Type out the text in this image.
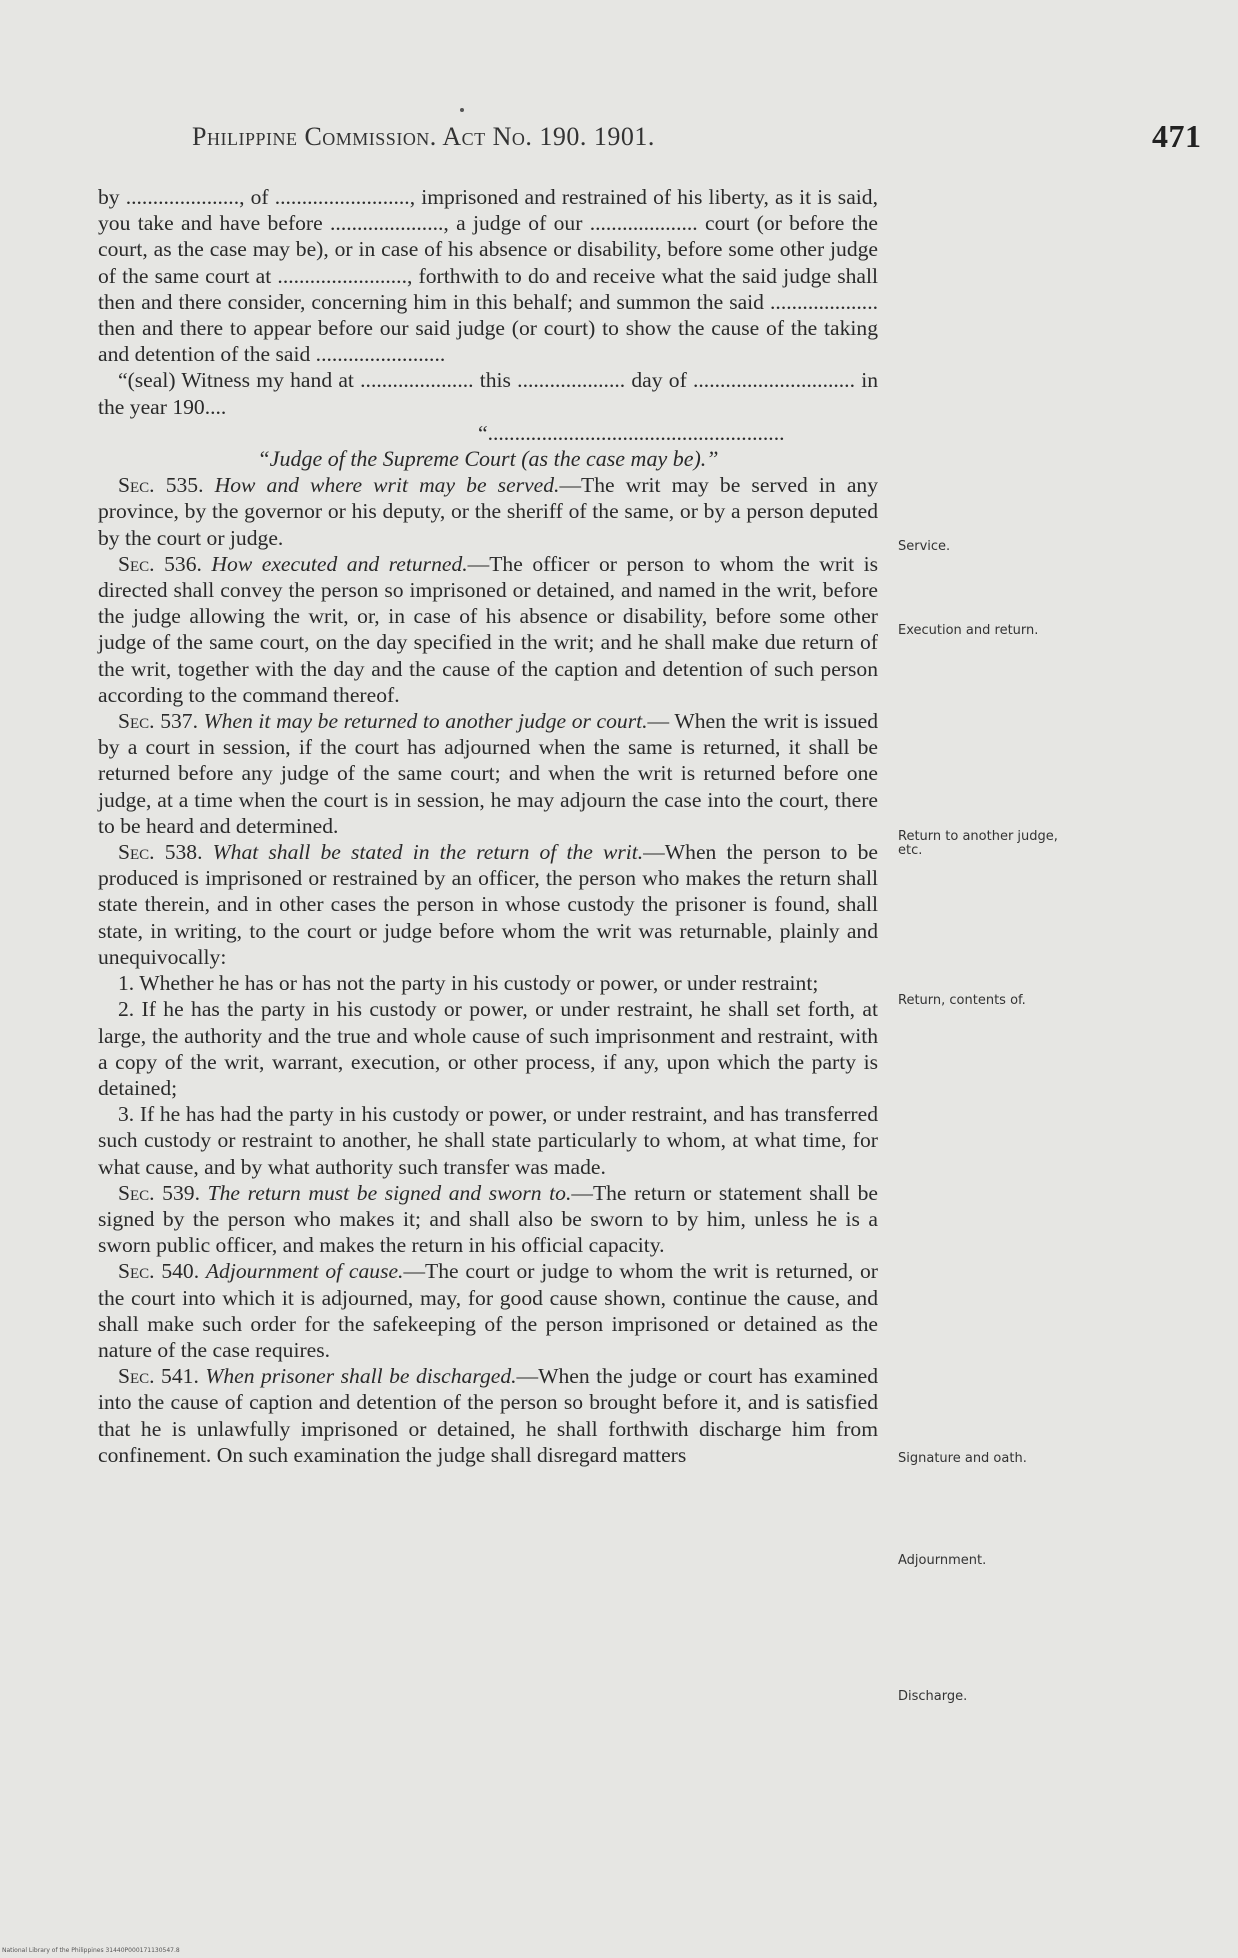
Philippine Commission. Act No. 190. 1901.	471

by ....................., of ........................., imprisoned and restrained of his liberty, as it is said, you take and have before ....................., a judge of our .................... court (or before the court, as the case may be), or in case of his absence or disability, before some other judge of the same court at ........................, forthwith to do and receive what the said judge shall then and there consider, concerning him in this behalf; and summon the said .................... then and there to appear before our said judge (or court) to show the cause of the taking and detention of the said ........................

“(seal) Witness my hand at ..................... this .................... day of .............................. in the year 190....

“.......................................................

“Judge of the Supreme Court (as the case may be).”

Sec. 535. How and where writ may be served.—The writ may be served in any province, by the governor or his deputy, or the sheriff of the same, or by a person deputed by the court or judge.

Sec. 536. How executed and returned.—The officer or person to whom the writ is directed shall convey the person so imprisoned or detained, and named in the writ, before the judge allowing the writ, or, in case of his absence or disability, before some other judge of the same court, on the day specified in the writ; and he shall make due return of the writ, together with the day and the cause of the caption and detention of such person according to the command thereof.

Sec. 537. When it may be returned to another judge or court.— When the writ is issued by a court in session, if the court has adjourned when the same is returned, it shall be returned before any judge of the same court; and when the writ is returned before one judge, at a time when the court is in session, he may adjourn the case into the court, there to be heard and determined.

Sec. 538. What shall be stated in the return of the writ.—When the person to be produced is imprisoned or restrained by an officer, the person who makes the return shall state therein, and in other cases the person in whose custody the prisoner is found, shall state, in writing, to the court or judge before whom the writ was returnable, plainly and unequivocally:

1. Whether he has or has not the party in his custody or power, or under restraint;

2. If he has the party in his custody or power, or under restraint, he shall set forth, at large, the authority and the true and whole cause of such imprisonment and restraint, with a copy of the writ, warrant, execution, or other process, if any, upon which the party is detained;

3. If he has had the party in his custody or power, or under restraint, and has transferred such custody or restraint to another, he shall state particularly to whom, at what time, for what cause, and by what authority such transfer was made.

Sec. 539. The return must be signed and sworn to.—The return or statement shall be signed by the person who makes it; and shall also be sworn to by him, unless he is a sworn public officer, and makes the return in his official capacity.

Sec. 540. Adjournment of cause.—The court or judge to whom the writ is returned, or the court into which it is adjourned, may, for good cause shown, continue the cause, and shall make such order for the safekeeping of the person imprisoned or detained as the nature of the case requires.

Sec. 541. When prisoner shall be discharged.—When the judge or court has examined into the cause of caption and detention of the person so brought before it, and is satisfied that he is unlawfully imprisoned or detained, he shall forthwith discharge him from confinement. On such examination the judge shall disregard matters

Service.
Execution and return.
Return to another judge, etc.
Return, contents of.
Signature and oath.
Adjournment.
Discharge.
National Library of the Philippines 31440P000171130547.8
